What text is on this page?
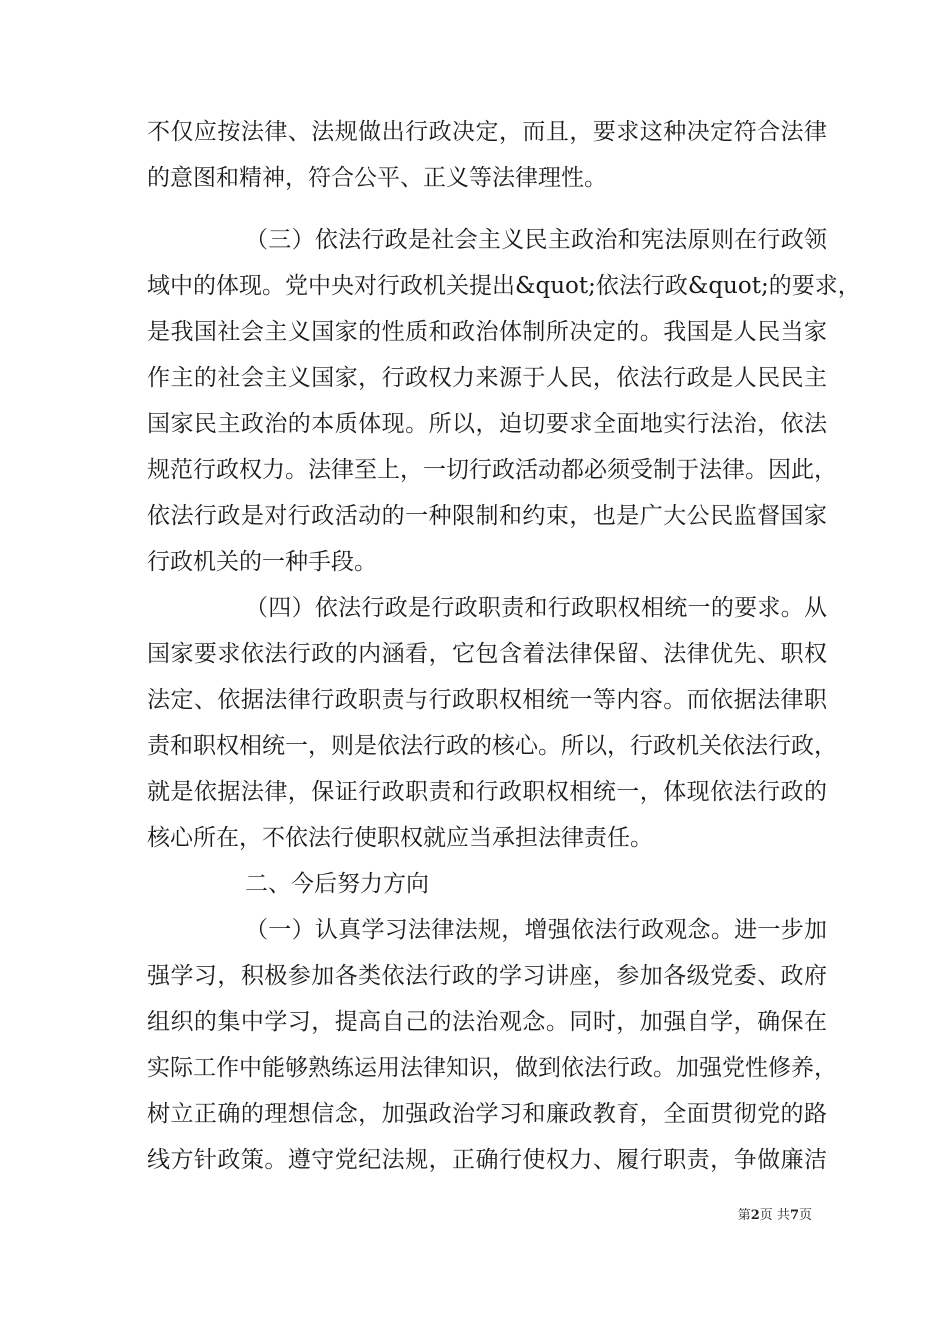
不仅应按法律、法规做出行政决定，而且，要求这种决定符合法律
的意图和精神，符合公平、正义等法律理性。
（三）依法行政是社会主义民主政治和宪法原则在行政领
域中的体现。党中央对行政机关提出&quot;依法行政&quot;的要求，
是我国社会主义国家的性质和政治体制所决定的。我国是人民当家
作主的社会主义国家，行政权力来源于人民，依法行政是人民民主
国家民主政治的本质体现。所以，迫切要求全面地实行法治，依法
规范行政权力。法律至上，一切行政活动都必须受制于法律。因此，
依法行政是对行政活动的一种限制和约束，也是广大公民监督国家
行政机关的一种手段。
（四）依法行政是行政职责和行政职权相统一的要求。从
国家要求依法行政的内涵看，它包含着法律保留、法律优先、职权
法定、依据法律行政职责与行政职权相统一等内容。而依据法律职
责和职权相统一，则是依法行政的核心。所以，行政机关依法行政，
就是依据法律，保证行政职责和行政职权相统一，体现依法行政的
核心所在，不依法行使职权就应当承担法律责任。
二、今后努力方向
（一）认真学习法律法规，增强依法行政观念。进一步加
强学习，积极参加各类依法行政的学习讲座，参加各级党委、政府
组织的集中学习，提高自己的法治观念。同时，加强自学，确保在
实际工作中能够熟练运用法律知识，做到依法行政。加强党性修养，
树立正确的理想信念，加强政治学习和廉政教育，全面贯彻党的路
线方针政策。遵守党纪法规，正确行使权力、履行职责，争做廉洁
第2页 共7页
